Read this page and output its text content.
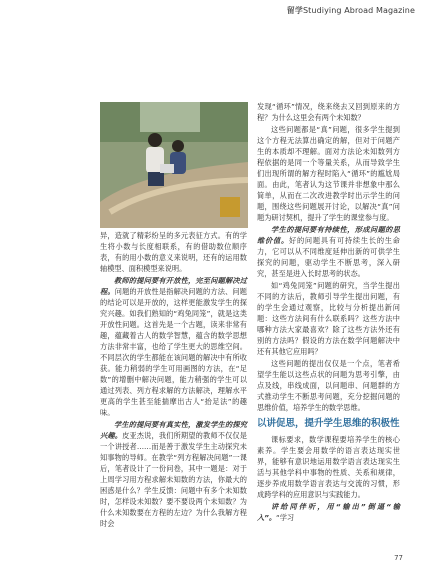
留学Studiying Abroad Magazine

异，造就了精彩纷呈的多元表征方式。有的学生将小数与长度相联系，有的借助数位顺序表，有的用小数的意义来说明，还有的运用数轴模型、面积模型来说明。

教师的提问要有开放性，完至问题解决过程。问题的开放性是指解决问题的方法、问题的结论可以是开放的，这样更能激发学生的探究兴趣。如我们熟知的“鸡兔同笼”，就是这类开放性问题。这首先是一个古题，读来非常有趣，蕴藏着古人的数学智慧，蕴含的数学思想方法非常丰富，也给了学生更大的思维空间。不同层次的学生都能在该问题的解决中有所收获。能力稍弱的学生可用画图的方法，在“足数”的增删中解决问题，能力稍强的学生可以通过列表、列方程求解的方法解决，理解水平更高的学生甚至能揣摩出古人“抬足法”的趣味。

学生的提问要有真实性，激发学生的探究兴趣。皮亚杰说，我们所期望的教师不仅仅是一个讲授者……而是善于激发学生主动探究未知事物的导师。在教学“列方程解决问题”一课后，笔者设计了一份问卷，其中一题是：对于上周学习用方程求解未知数的方法，你最大的困惑是什么？学生反馈：问题中有多个未知数时，怎样设未知数？要不要设两个未知数？为什么未知数要在方程的左边？为什么我解方程时会

发现“循环”情况，绕来绕去又回到原来的方程？为什么这里会有两个未知数？

这些问题都是“真”问题，很多学生提到这个方程无法算出确定的解，但对于问题产生的本质却不理解。面对方法论未知数列方程依据的是同一个等量关系，从而导致学生们出现所谓的解方程时陷入“循环”的尴尬局面。由此，笔者认为这节课并非想象中那么简单，从而在二次改进教学时出示学生的问题，围绕这些问题展开讨论，以解决“真”问题为研讨契机，提升了学生的课堂参与度。

学生的提问要有持续性，形成问题的思维价值。好的问题具有可持续生长的生命力，它可以从不同维度延伸出新的可供学生探究的问题，驱动学生不断思考，深入研究，甚至是进入长时思考的状态。

如“鸡兔同笼”问题的研究，当学生提出不同的方法后，教师引导学生提出问题，有的学生会通过观察，比较与分析提出新问题：这些方法间有什么联系吗？这些方法中哪种方法大家最喜欢？除了这些方法外还有别的方法吗？假设的方法在数学问题解决中还有其他它应用吗？

这些问题的提出仅仅是一个点，笔者希望学生能以这些点状的问题为思考引擎，由点及线，串线成面，以问题串、问题群的方式推动学生不断思考问题，充分挖掘问题的思维价值，培养学生的数学思维。

以讲促思，提升学生思维的积极性

课标要求，数学课程要培养学生的核心素养。学生要会用数学的语言表达现实世界，能够有意识地运用数学语言表达现实生活与其他学科中事物的性质、关系和规律，逐步养成用数学语言表达与交流的习惯，形成跨学科的应用意识与实践能力。

讲给同伴听，用“输出”倒逼“输入”。“学习

77
